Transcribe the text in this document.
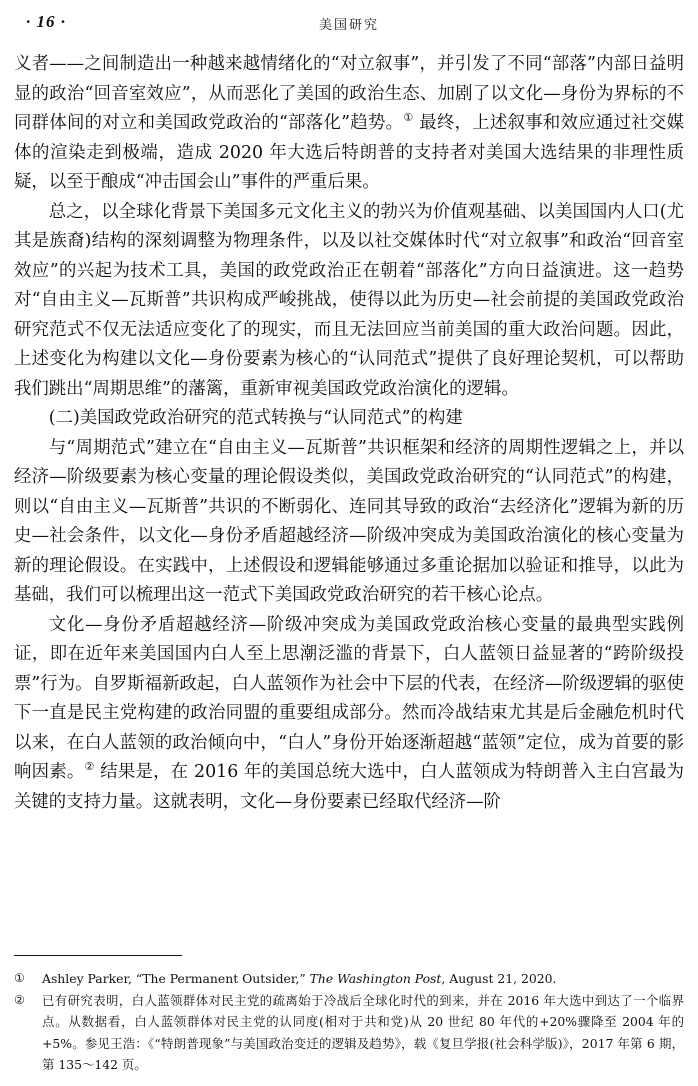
· 16 ·	美国研究

义者——之间制造出一种越来越情绪化的“对立叙事”，并引发了不同“部落”内部日益明显的政治“回音室效应”，从而恶化了美国的政治生态、加剧了以文化—身份为界标的不同群体间的对立和美国政党政治的“部落化”趋势。① 最终，上述叙事和效应通过社交媒体的渲染走到极端，造成 2020 年大选后特朗普的支持者对美国大选结果的非理性质疑，以至于酿成“冲击国会山”事件的严重后果。

总之，以全球化背景下美国多元文化主义的勃兴为价值观基础、以美国国内人口(尤其是族裔)结构的深刻调整为物理条件，以及以社交媒体时代“对立叙事”和政治“回音室效应”的兴起为技术工具，美国的政党政治正在朝着“部落化”方向日益演进。这一趋势对“自由主义—瓦斯普”共识构成严峻挑战，使得以此为历史—社会前提的美国政党政治研究范式不仅无法适应变化了的现实，而且无法回应当前美国的重大政治问题。因此，上述变化为构建以文化—身份要素为核心的“认同范式”提供了良好理论契机，可以帮助我们跳出“周期思维”的藩篱，重新审视美国政党政治演化的逻辑。

(二)美国政党政治研究的范式转换与“认同范式”的构建

与“周期范式”建立在“自由主义—瓦斯普”共识框架和经济的周期性逻辑之上，并以经济—阶级要素为核心变量的理论假设类似，美国政党政治研究的“认同范式”的构建，则以“自由主义—瓦斯普”共识的不断弱化、连同其导致的政治“去经济化”逻辑为新的历史—社会条件，以文化—身份矛盾超越经济—阶级冲突成为美国政治演化的核心变量为新的理论假设。在实践中，上述假设和逻辑能够通过多重论据加以验证和推导，以此为基础，我们可以梳理出这一范式下美国政党政治研究的若干核心论点。

文化—身份矛盾超越经济—阶级冲突成为美国政党政治核心变量的最典型实践例证，即在近年来美国国内白人至上思潮泛滥的背景下，白人蓝领日益显著的“跨阶级投票”行为。自罗斯福新政起，白人蓝领作为社会中下层的代表，在经济—阶级逻辑的驱使下一直是民主党构建的政治同盟的重要组成部分。然而冷战结束尤其是后金融危机时代以来，在白人蓝领的政治倾向中，“白人”身份开始逐渐超越“蓝领”定位，成为首要的影响因素。② 结果是，在 2016 年的美国总统大选中，白人蓝领成为特朗普入主白宫最为关键的支持力量。这就表明，文化—身份要素已经取代经济—阶

①	Ashley Parker, “The Permanent Outsider,” The Washington Post, August 21, 2020.
②	已有研究表明，白人蓝领群体对民主党的疏离始于冷战后全球化时代的到来，并在 2016 年大选中到达了一个临界点。从数据看，白人蓝领群体对民主党的认同度(相对于共和党)从 20 世纪 80 年代的+20%骤降至 2004 年的+5%。参见王浩：《“特朗普现象”与美国政治变迁的逻辑及趋势》，载《复旦学报(社会科学版)》，2017 年第 6 期，第 135～142 页。
